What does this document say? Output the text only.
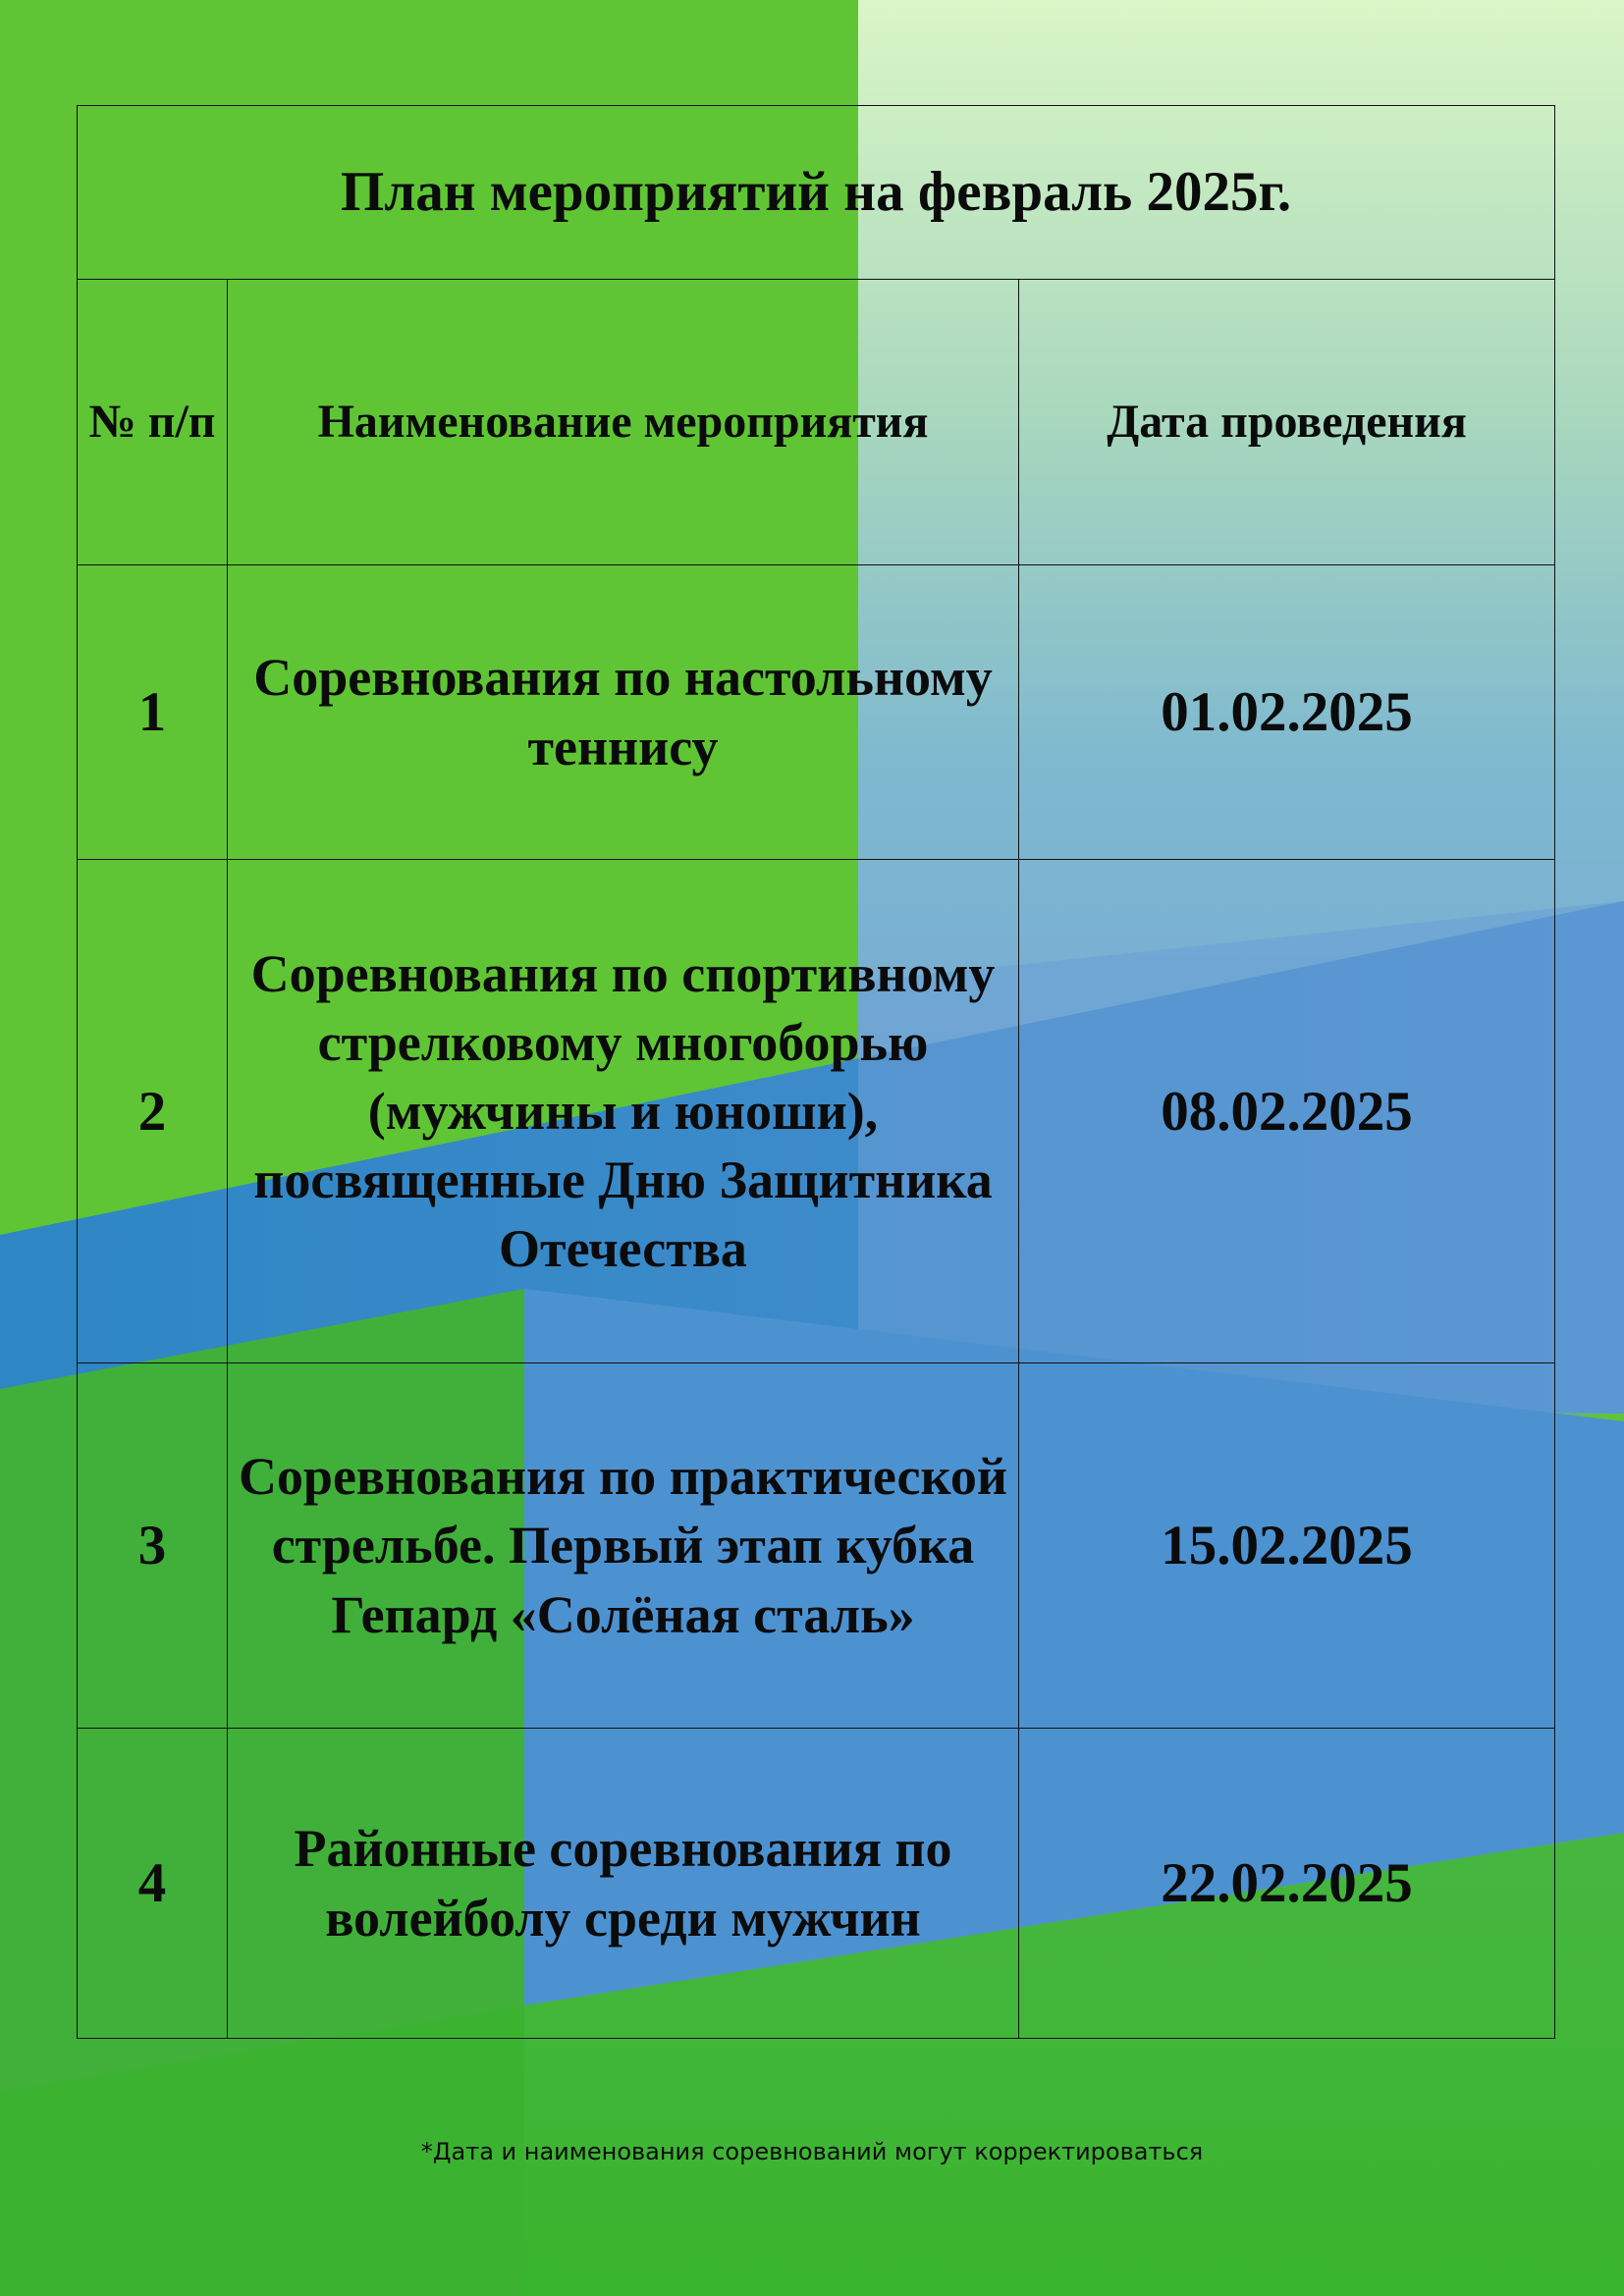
План мероприятий на февраль 2025г.		
№ п/п	Наименование мероприятия	Дата проведения
1	Соревнования по настольному теннису	01.02.2025
2	Соревнования по спортивному стрелковому многоборью (мужчины и юноши), посвященные Дню Защитника Отечества	08.02.2025
3	Соревнования по практической стрельбе. Первый этап кубка Гепард «Солёная сталь»	15.02.2025
4	Районные соревнования по волейболу среди мужчин	22.02.2025
*Дата и наименования соревнований могут корректироваться
